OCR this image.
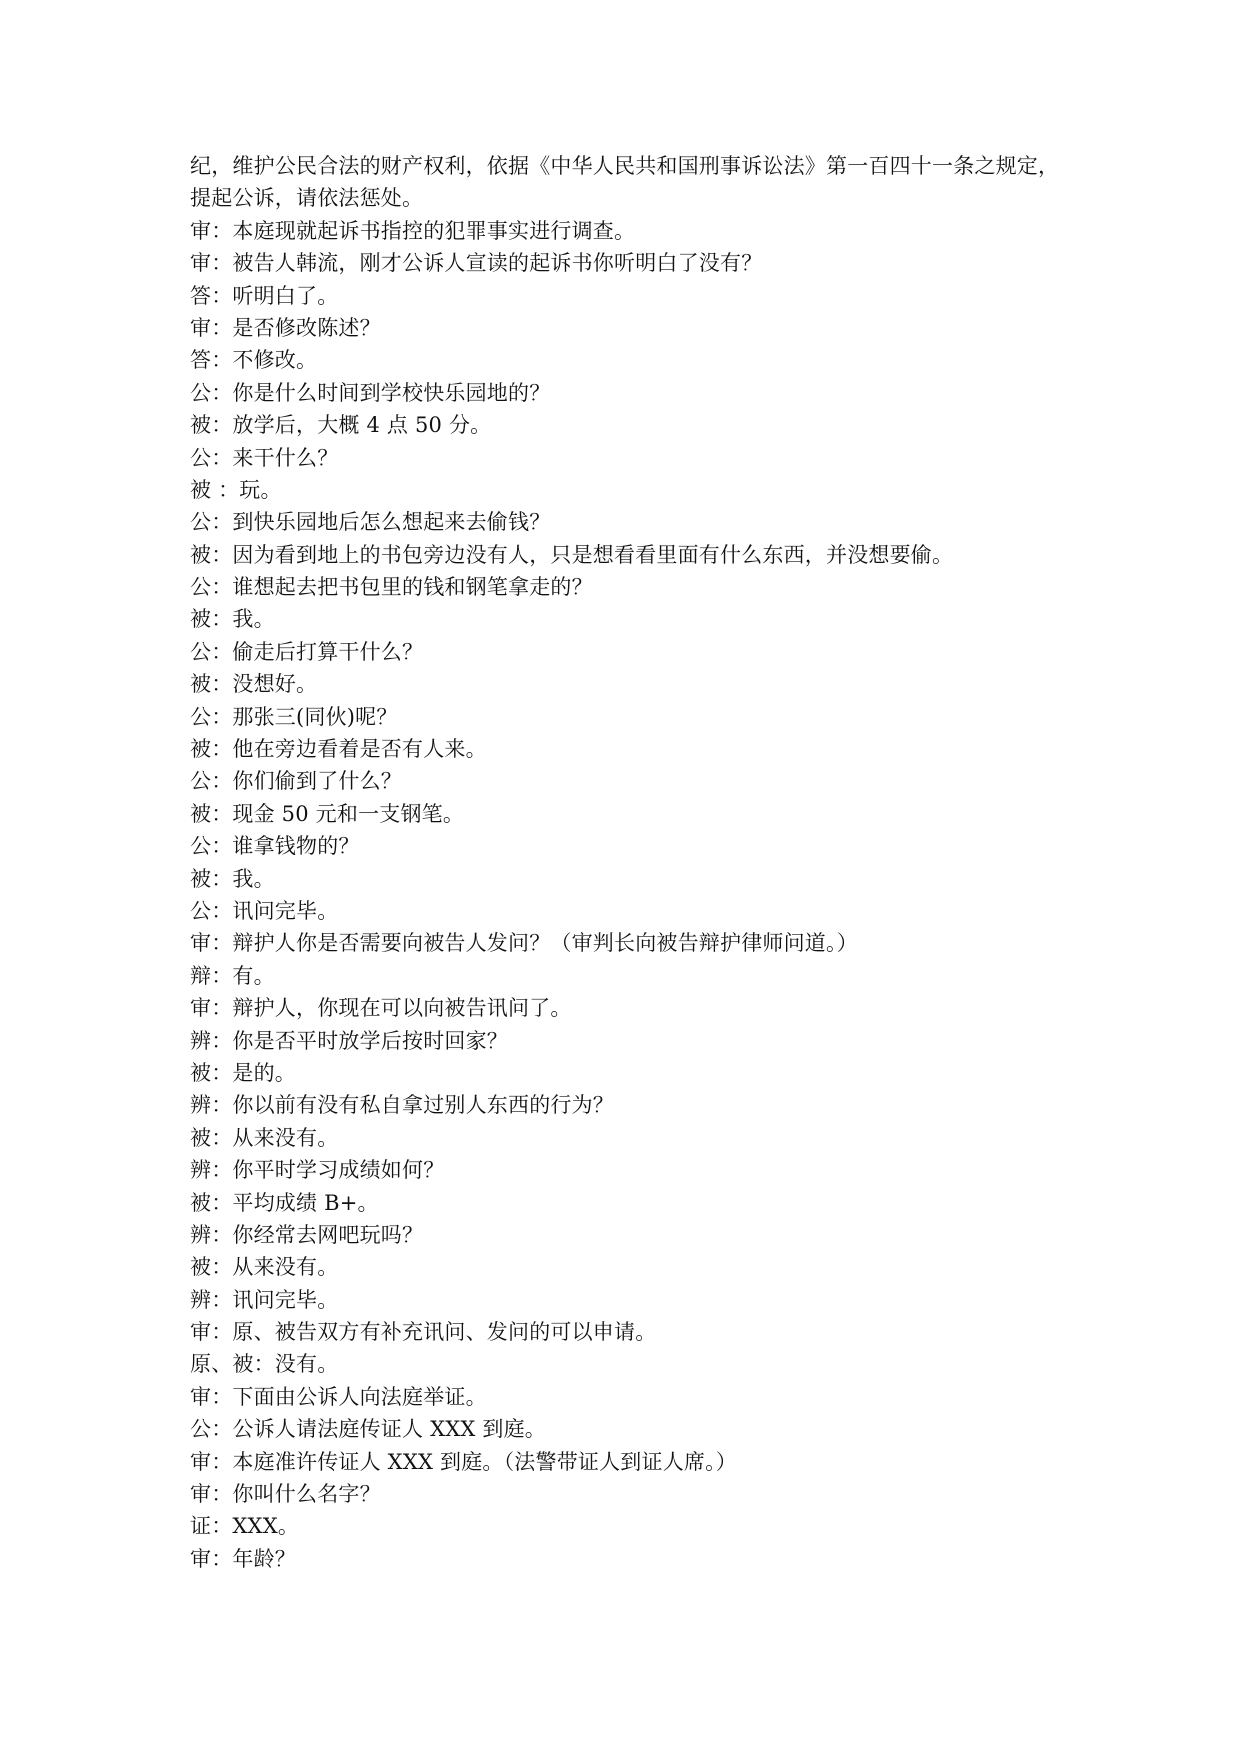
纪，维护公民合法的财产权利，依据《中华人民共和国刑事诉讼法》第一百四十一条之规定，
提起公诉，请依法惩处。
审：本庭现就起诉书指控的犯罪事实进行调查。
审：被告人韩流，刚才公诉人宣读的起诉书你听明白了没有？
答：听明白了。
审：是否修改陈述？
答：不修改。
公：你是什么时间到学校快乐园地的？
被：放学后，大概 4 点 50 分。
公：来干什么？
被 ：玩。
公：到快乐园地后怎么想起来去偷钱？
被：因为看到地上的书包旁边没有人，只是想看看里面有什么东西，并没想要偷。
公：谁想起去把书包里的钱和钢笔拿走的？
被：我。
公：偷走后打算干什么？
被：没想好。
公：那张三(同伙)呢？
被：他在旁边看着是否有人来。
公：你们偷到了什么？
被：现金 50 元和一支钢笔。
公：谁拿钱物的？
被：我。
公：讯问完毕。
审：辩护人你是否需要向被告人发问？（审判长向被告辩护律师问道。）
辩：有。
审：辩护人，你现在可以向被告讯问了。
辨：你是否平时放学后按时回家？
被：是的。
辨：你以前有没有私自拿过别人东西的行为？
被：从来没有。
辨：你平时学习成绩如何？
被：平均成绩 B+。
辨：你经常去网吧玩吗？
被：从来没有。
辨：讯问完毕。
审：原、被告双方有补充讯问、发问的可以申请。
原、被：没有。
审：下面由公诉人向法庭举证。
公：公诉人请法庭传证人 XXX 到庭。
审：本庭准许传证人 XXX 到庭。（法警带证人到证人席。）
审：你叫什么名字？
证：XXX。
审：年龄？
